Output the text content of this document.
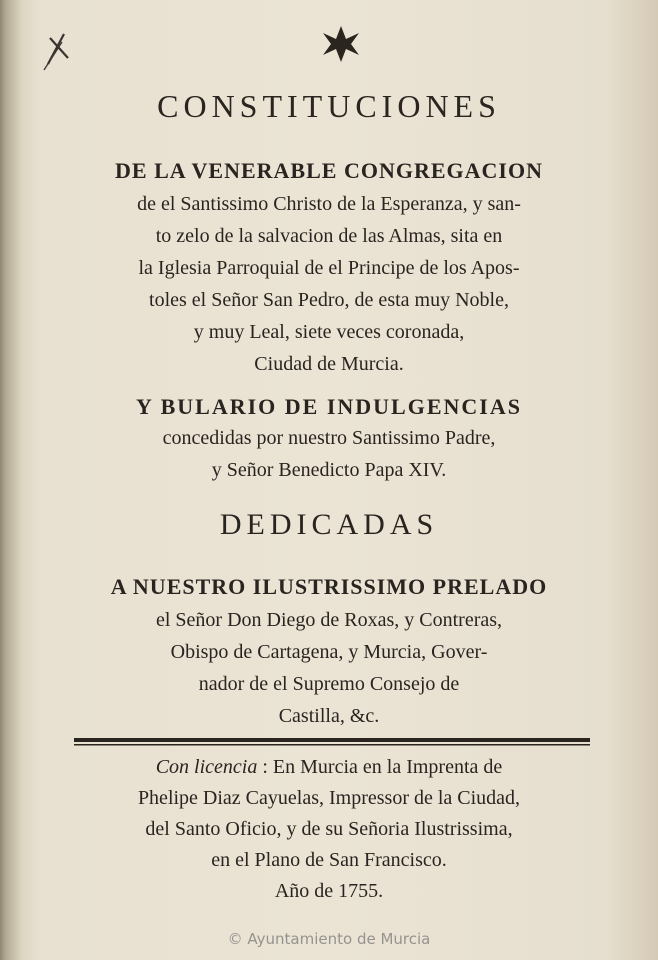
CONSTITUCIONES
DE LA VENERABLE CONGREGACION
de el Santissimo Christo de la Esperanza, y san-
to zelo de la salvacion de las Almas, sita en
la Iglesia Parroquial de el Principe de los Apos-
toles el Señor San Pedro, de esta muy Noble,
y muy Leal, siete veces coronada,
Ciudad de Murcia.
Y BULARIO DE INDULGENCIAS
concedidas por nuestro Santissimo Padre,
y Señor Benedicto Papa XIV.
DEDICADAS
A NUESTRO ILUSTRISSIMO PRELADO
el Señor Don Diego de Roxas, y Contreras,
Obispo de Cartagena, y Murcia, Gover-
nador de el Supremo Consejo de
Castilla, &c.
Con licencia : En Murcia en la Imprenta de
Phelipe Diaz Cayuelas, Impressor de la Ciudad,
del Santo Oficio, y de su Señoria Ilustrissima,
en el Plano de San Francisco.
Año de 1755.
© Ayuntamiento de Murcia
